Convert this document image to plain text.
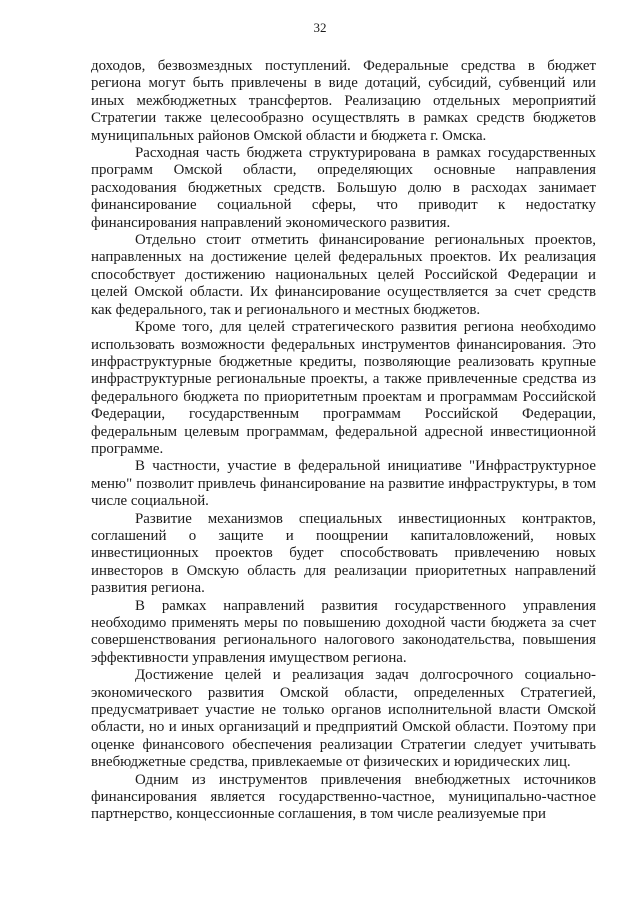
32

доходов, безвозмездных поступлений. Федеральные средства в бюджет региона могут быть привлечены в виде дотаций, субсидий, субвенций или иных межбюджетных трансфертов. Реализацию отдельных мероприятий Стратегии также целесообразно осуществлять в рамках средств бюджетов муниципальных районов Омской области и бюджета г. Омска.

Расходная часть бюджета структурирована в рамках государственных программ Омской области, определяющих основные направления расходования бюджетных средств. Большую долю в расходах занимает финансирование социальной сферы, что приводит к недостатку финансирования направлений экономического развития.

Отдельно стоит отметить финансирование региональных проектов, направленных на достижение целей федеральных проектов. Их реализация способствует достижению национальных целей Российской Федерации и целей Омской области. Их финансирование осуществляется за счет средств как федерального, так и регионального и местных бюджетов.

Кроме того, для целей стратегического развития региона необходимо использовать возможности федеральных инструментов финансирования. Это инфраструктурные бюджетные кредиты, позволяющие реализовать крупные инфраструктурные региональные проекты, а также привлеченные средства из федерального бюджета по приоритетным проектам и программам Российской Федерации, государственным программам Российской Федерации, федеральным целевым программам, федеральной адресной инвестиционной программе.

В частности, участие в федеральной инициативе "Инфраструктурное меню" позволит привлечь финансирование на развитие инфраструктуры, в том числе социальной.

Развитие механизмов специальных инвестиционных контрактов, соглашений о защите и поощрении капиталовложений, новых инвестиционных проектов будет способствовать привлечению новых инвесторов в Омскую область для реализации приоритетных направлений развития региона.

В рамках направлений развития государственного управления необходимо применять меры по повышению доходной части бюджета за счет совершенствования регионального налогового законодательства, повышения эффективности управления имуществом региона.

Достижение целей и реализация задач долгосрочного социально-экономического развития Омской области, определенных Стратегией, предусматривает участие не только органов исполнительной власти Омской области, но и иных организаций и предприятий Омской области. Поэтому при оценке финансового обеспечения реализации Стратегии следует учитывать внебюджетные средства, привлекаемые от физических и юридических лиц.

Одним из инструментов привлечения внебюджетных источников финансирования является государственно-частное, муниципально-частное партнерство, концессионные соглашения, в том числе реализуемые при
